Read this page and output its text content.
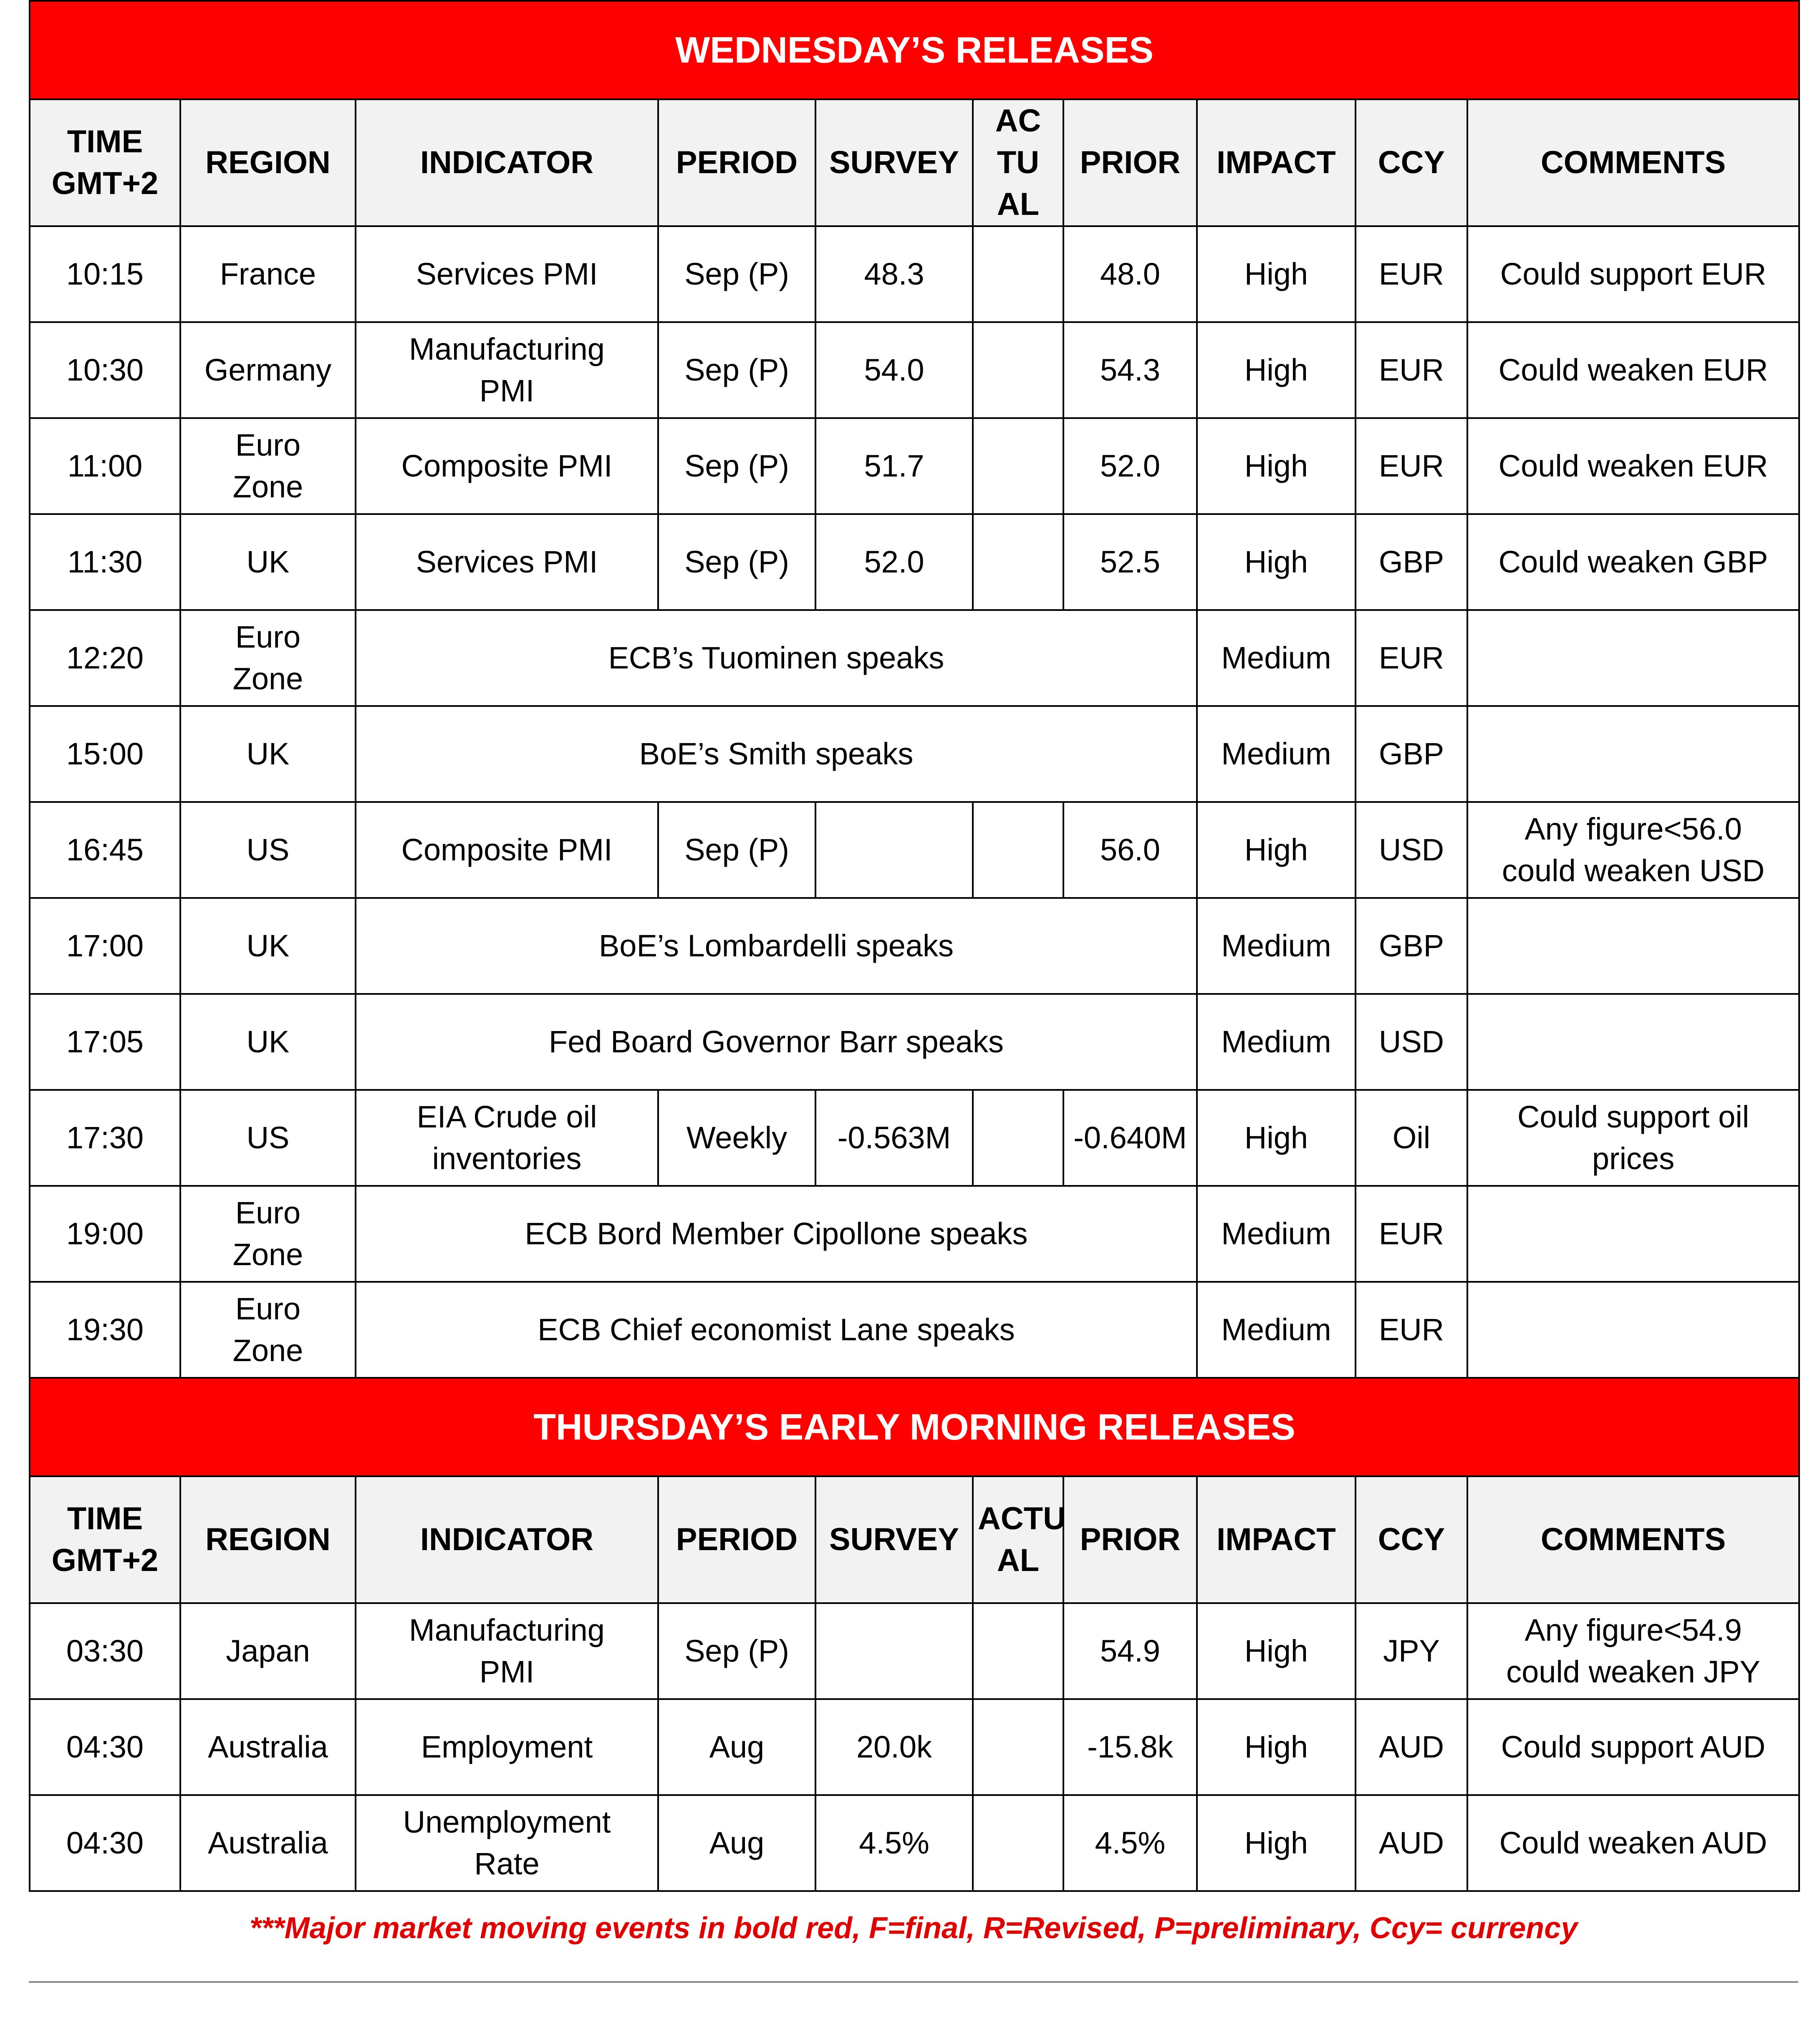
WEDNESDAY’S RELEASES									
TIME
GMT+2	REGION	INDICATOR	PERIOD	SURVEY	AC
TU
AL	PRIOR	IMPACT	CCY	COMMENTS
10:15	France	Services PMI	Sep (P)	48.3		48.0	High	EUR	Could support EUR
10:30	Germany	Manufacturing
PMI	Sep (P)	54.0		54.3	High	EUR	Could weaken EUR
11:00	Euro
Zone	Composite PMI	Sep (P)	51.7		52.0	High	EUR	Could weaken EUR
11:30	UK	Services PMI	Sep (P)	52.0		52.5	High	GBP	Could weaken GBP
12:20	Euro
Zone	ECB’s Tuominen speaks					Medium	EUR	
15:00	UK	BoE’s Smith speaks					Medium	GBP	
16:45	US	Composite PMI	Sep (P)			56.0	High	USD	Any figure<56.0
could weaken USD
17:00	UK	BoE’s Lombardelli speaks					Medium	GBP	
17:05	UK	Fed Board Governor Barr speaks					Medium	USD	
17:30	US	EIA Crude oil
inventories	Weekly	-0.563M		-0.640M	High	Oil	Could support oil
prices
19:00	Euro
Zone	ECB Bord Member Cipollone speaks					Medium	EUR	
19:30	Euro
Zone	ECB Chief economist Lane speaks					Medium	EUR	
THURSDAY’S EARLY MORNING RELEASES									
TIME
GMT+2	REGION	INDICATOR	PERIOD	SURVEY	ACTU
AL	PRIOR	IMPACT	CCY	COMMENTS
03:30	Japan	Manufacturing
PMI	Sep (P)			54.9	High	JPY	Any figure<54.9
could weaken JPY
04:30	Australia	Employment	Aug	20.0k		-15.8k	High	AUD	Could support AUD
04:30	Australia	Unemployment
Rate	Aug	4.5%		4.5%	High	AUD	Could weaken AUD
***Major market moving events in bold red, F=final, R=Revised, P=preliminary, Ccy= currency
